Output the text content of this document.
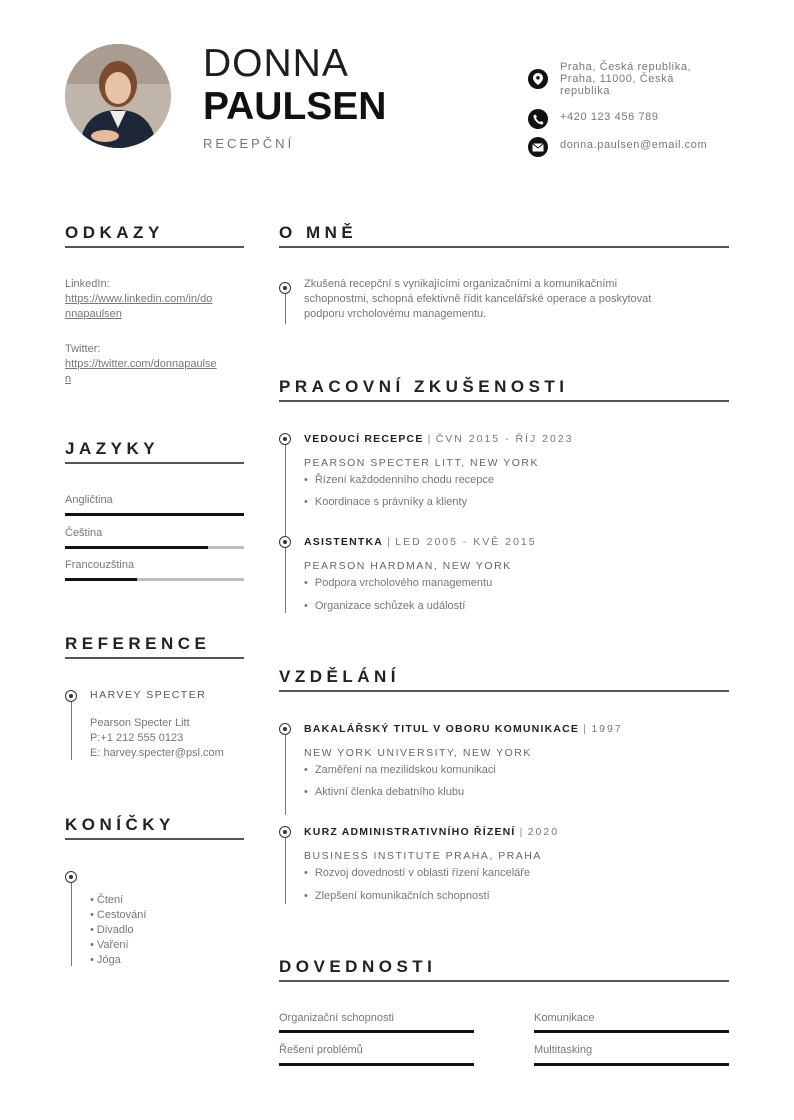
DONNA
PAULSEN
RECEPČNÍ
Praha, Česká republika,
Praha, 11000, Česká
republika
+420 123 456 789
donna.paulsen@email.com
ODKAZY
LinkedIn:
https://www.linkedin.com/in/do
nnapaulsen
Twitter:
https://twitter.com/donnapaulse
n
JAZYKY
Angličtina
Čeština
Francouzština
REFERENCE
HARVEY SPECTER
Pearson Specter Litt
P:+1 212 555 0123
E: harvey.specter@psl.com
KONÍČKY
• Čtení
• Cestování
• Divadlo
• Vaření
• Jóga
O MNĚ
Zkušená recepční s vynikajícími organizačními a komunikačními
schopnostmi, schopná efektivně řídit kancelářské operace a poskytovat
podporu vrcholovému managementu.
PRACOVNÍ ZKUŠENOSTI
VEDOUCÍ RECEPCE | ČVN 2015 - ŘÍJ 2023
PEARSON SPECTER LITT, NEW YORK
• Řízení každodenního chodu recepce
• Koordinace s právníky a klienty
ASISTENTKA | LED 2005 - KVĚ 2015
PEARSON HARDMAN, NEW YORK
• Podpora vrcholového managementu
• Organizace schůzek a událostí
VZDĚLÁNÍ
BAKALÁŘSKÝ TITUL V OBORU KOMUNIKACE | 1997
NEW YORK UNIVERSITY, NEW YORK
• Zaměření na mezilidskou komunikaci
• Aktivní členka debatního klubu
KURZ ADMINISTRATIVNÍHO ŘÍZENÍ | 2020
BUSINESS INSTITUTE PRAHA, PRAHA
• Rozvoj dovedností v oblasti řízení kanceláře
• Zlepšení komunikačních schopností
DOVEDNOSTI
Organizační schopnosti	Komunikace
Řešení problémů	Multitasking
